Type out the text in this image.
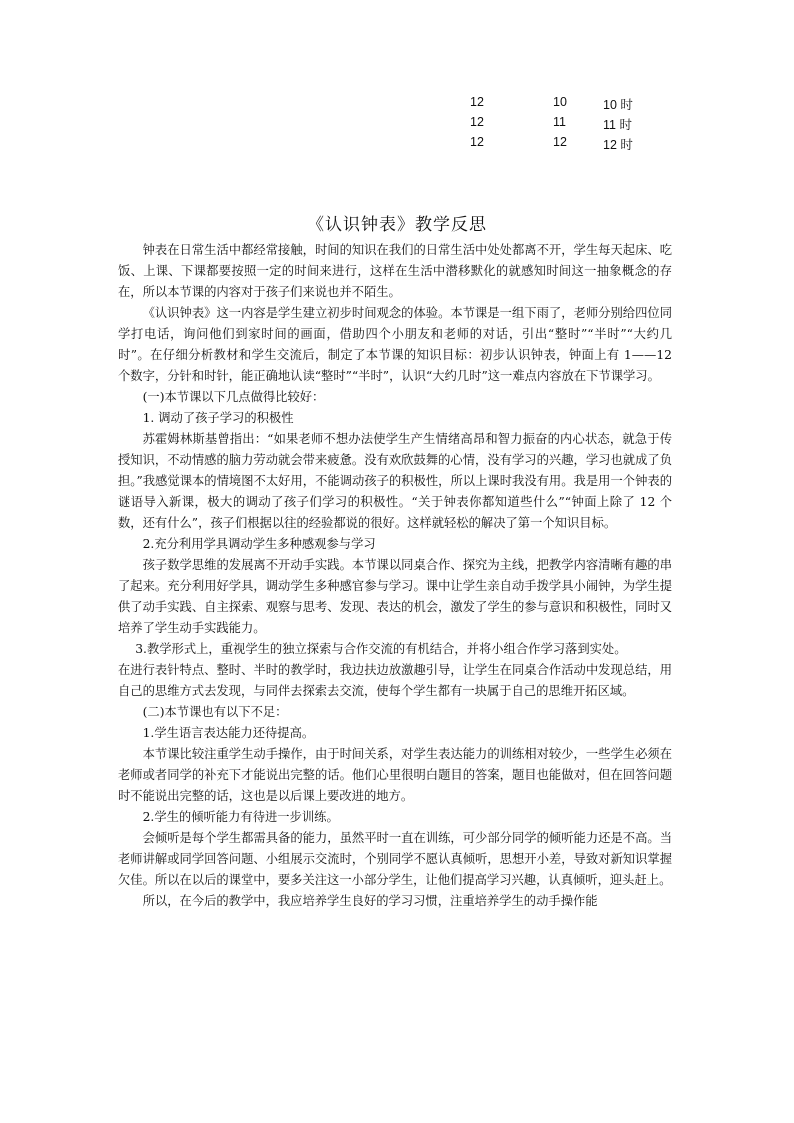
12	10	10 时
12	11	11 时
12	12	12 时
《认识钟表》教学反思

钟表在日常生活中都经常接触，时间的知识在我们的日常生活中处处都离不开，学生每天起床、吃饭、上课、下课都要按照一定的时间来进行，这样在生活中潜移默化的就感知时间这一抽象概念的存在，所以本节课的内容对于孩子们来说也并不陌生。

《认识钟表》这一内容是学生建立初步时间观念的体验。本节课是一组下雨了，老师分别给四位同学打电话，询问他们到家时间的画面，借助四个小朋友和老师的对话，引出“整时”“半时”“大约几时”。在仔细分析教材和学生交流后，制定了本节课的知识目标：初步认识钟表，钟面上有 1——12 个数字，分针和时针，能正确地认读“整时”“半时”，认识“大约几时”这一难点内容放在下节课学习。

(一)本节课以下几点做得比较好：

1. 调动了孩子学习的积极性

苏霍姆林斯基曾指出：“如果老师不想办法使学生产生情绪高昂和智力振奋的内心状态，就急于传授知识，不动情感的脑力劳动就会带来疲惫。没有欢欣鼓舞的心情，没有学习的兴趣，学习也就成了负担。”我感觉课本的情境图不太好用，不能调动孩子的积极性，所以上课时我没有用。我是用一个钟表的谜语导入新课，极大的调动了孩子们学习的积极性。“关于钟表你都知道些什么”“钟面上除了 12 个数，还有什么”，孩子们根据以往的经验都说的很好。这样就轻松的解决了第一个知识目标。

2.充分利用学具调动学生多种感观参与学习

孩子数学思维的发展离不开动手实践。本节课以同桌合作、探究为主线，把教学内容清晰有趣的串了起来。充分利用好学具，调动学生多种感官参与学习。课中让学生亲自动手拨学具小闹钟，为学生提供了动手实践、自主探索、观察与思考、发现、表达的机会，激发了学生的参与意识和积极性，同时又培养了学生动手实践能力。

3.教学形式上，重视学生的独立探索与合作交流的有机结合，并将小组合作学习落到实处。

在进行表针特点、整时、半时的教学时，我边扶边放激趣引导，让学生在同桌合作活动中发现总结，用自己的思维方式去发现，与同伴去探索去交流，使每个学生都有一块属于自己的思维开拓区域。

(二)本节课也有以下不足：

1.学生语言表达能力还待提高。

本节课比较注重学生动手操作，由于时间关系，对学生表达能力的训练相对较少，一些学生必须在老师或者同学的补充下才能说出完整的话。他们心里很明白题目的答案，题目也能做对，但在回答问题时不能说出完整的话，这也是以后课上要改进的地方。

2.学生的倾听能力有待进一步训练。

会倾听是每个学生都需具备的能力，虽然平时一直在训练，可少部分同学的倾听能力还是不高。当老师讲解或同学回答问题、小组展示交流时，个别同学不愿认真倾听，思想开小差，导致对新知识掌握欠佳。所以在以后的课堂中，要多关注这一小部分学生，让他们提高学习兴趣，认真倾听，迎头赶上。

所以，在今后的教学中，我应培养学生良好的学习习惯，注重培养学生的动手操作能
